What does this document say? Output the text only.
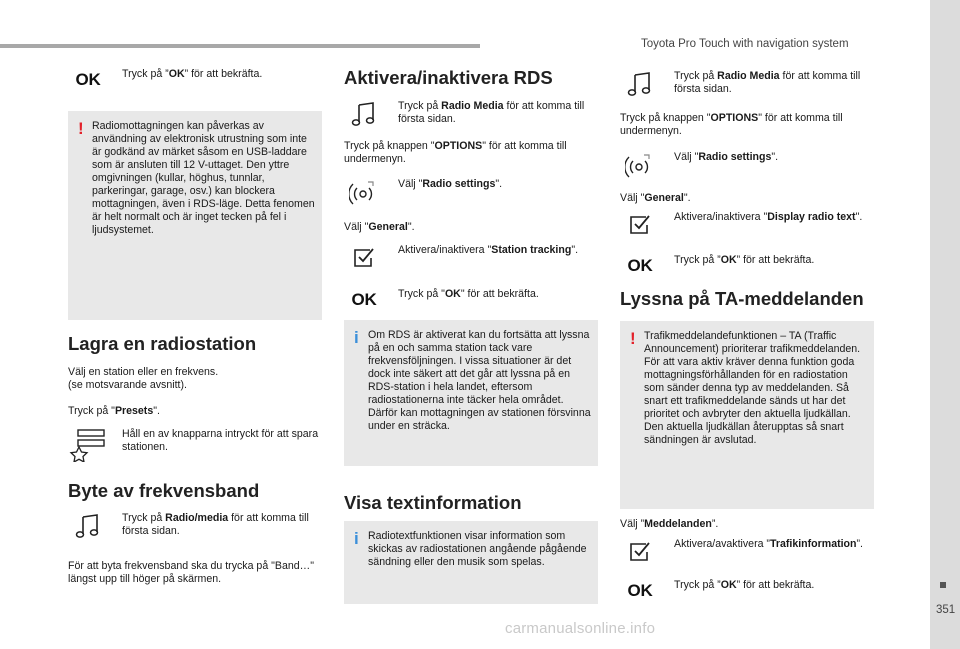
Toyota Pro Touch with navigation system
351
carmanualsonline.info
OK Tryck på ”OK” för att bekräfta.
! Radiomottagningen kan påverkas av användning av elektronisk utrustning som inte är godkänd av märket såsom en USB-laddare som är ansluten till 12 V-uttaget. Den yttre omgivningen (kullar, höghus, tunnlar, parkeringar, garage, osv.) kan blockera mottagningen, även i RDS-läge. Detta fenomen är helt normalt och är inget tecken på fel i ljudsystemet.
Lagra en radiostation
Välj en station eller en frekvens.
(se motsvarande avsnitt).
Tryck på "Presets".
Håll en av knapparna intryckt för att spara stationen.
Byte av frekvensband
Tryck på Radio/media för att komma till första sidan.
För att byta frekvensband ska du trycka på "Band…" längst upp till höger på skärmen.
Aktivera/inaktivera RDS
Tryck på Radio Media för att komma till första sidan.
Tryck på knappen "OPTIONS" för att komma till undermenyn.
Välj "Radio settings".
Välj "General".
Aktivera/inaktivera "Station tracking".
OK Tryck på "OK" för att bekräfta.
i Om RDS är aktiverat kan du fortsätta att lyssna på en och samma station tack vare frekvensföljningen. I vissa situationer är det dock inte säkert att det går att lyssna på en RDS-station i hela landet, eftersom radiostationerna inte täcker hela området. Därför kan mottagningen av stationen försvinna under en sträcka.
Visa textinformation
i Radiotextfunktionen visar information som skickas av radiostationen angående pågående sändning eller den musik som spelas.
Tryck på Radio Media för att komma till första sidan.
Tryck på knappen "OPTIONS" för att komma till undermenyn.
Välj "Radio settings".
Välj "General".
Aktivera/inaktivera "Display radio text".
OK Tryck på ”OK” för att bekräfta.
Lyssna på TA-meddelanden
! Trafikmeddelandefunktionen – TA (Traffic Announcement) prioriterar trafikmeddelanden. För att vara aktiv kräver denna funktion goda mottagningsförhållanden för en radiostation som sänder denna typ av meddelanden. Så snart ett trafikmeddelande sänds ut har det prioritet och avbryter den aktuella ljudkällan. Den aktuella ljudkällan återupptas så snart sändningen är avslutad.
Välj ”Meddelanden”.
Aktivera/avaktivera ”Trafikinformation”.
OK Tryck på ”OK” för att bekräfta.
